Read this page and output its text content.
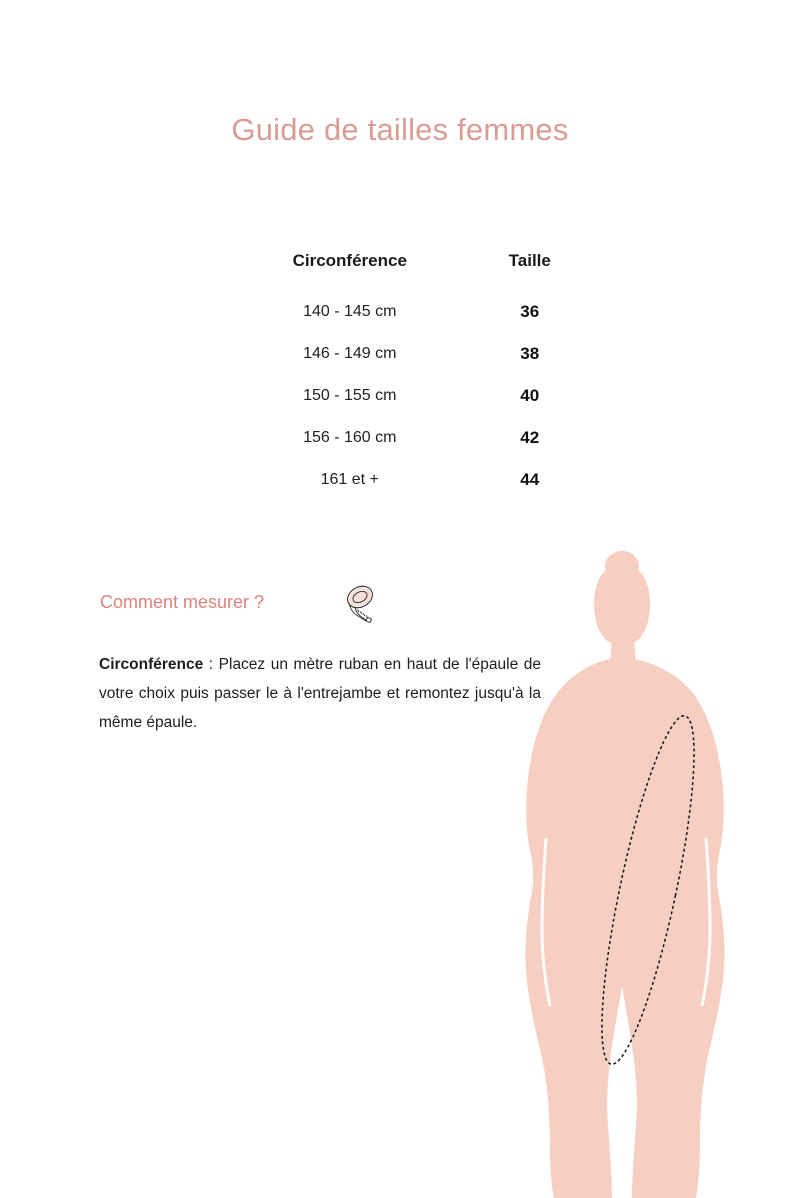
Guide de tailles femmes
Circonférence	Taille
140 - 145 cm	36
146 - 149 cm	38
150 - 155 cm	40
156 - 160 cm	42
161 et +	44
Comment mesurer ?
Circonférence : Placez un mètre ruban en haut de l'épaule de votre choix puis passer le à l'entrejambe et remontez jusqu'à la même épaule.
